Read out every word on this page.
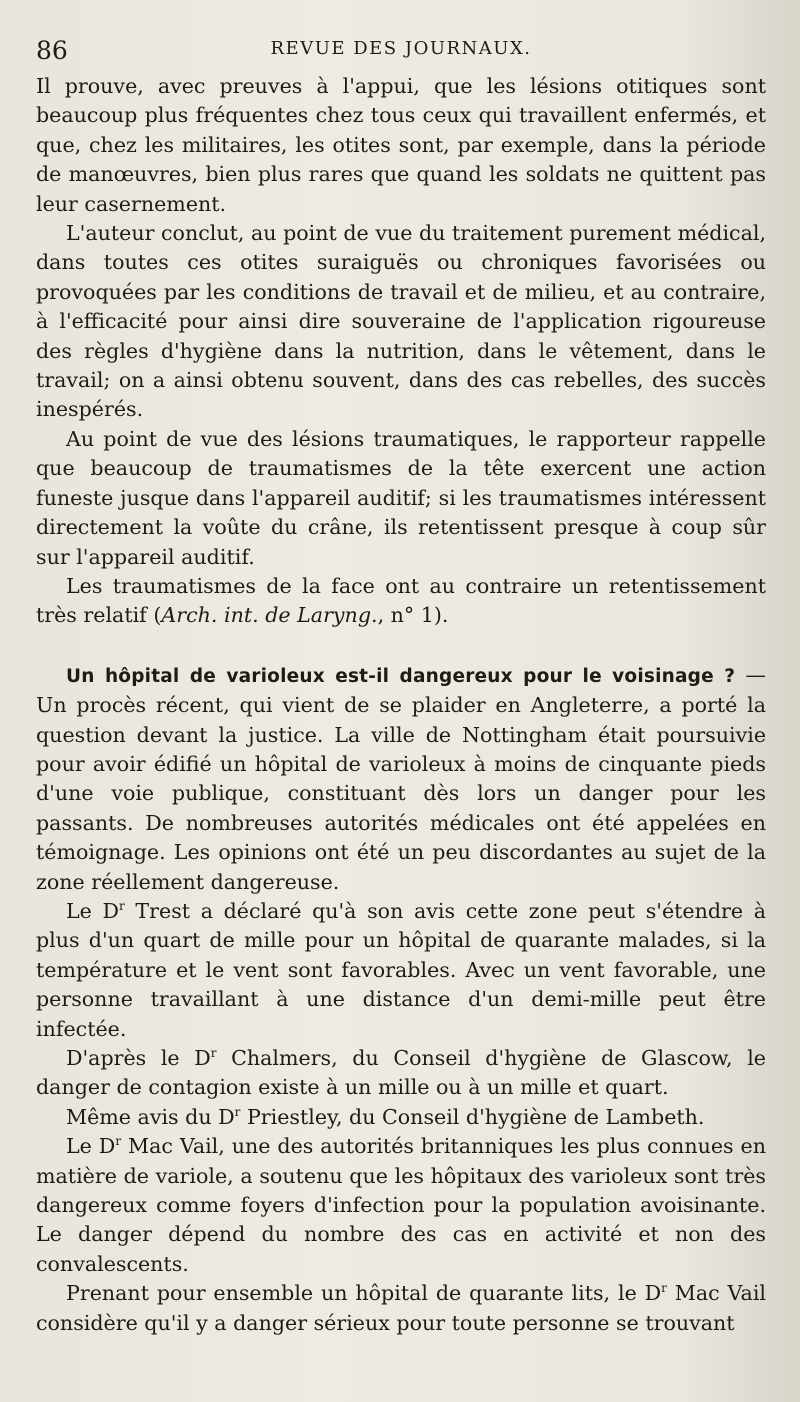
86	REVUE DES JOURNAUX.

Il prouve, avec preuves à l'appui, que les lésions otitiques sont beaucoup plus fréquentes chez tous ceux qui travaillent enfermés, et que, chez les militaires, les otites sont, par exemple, dans la période de manœuvres, bien plus rares que quand les soldats ne quittent pas leur casernement.

L'auteur conclut, au point de vue du traitement purement médical, dans toutes ces otites suraiguës ou chroniques favorisées ou provoquées par les conditions de travail et de milieu, et au contraire, à l'efficacité pour ainsi dire souveraine de l'application rigoureuse des règles d'hygiène dans la nutrition, dans le vêtement, dans le travail; on a ainsi obtenu souvent, dans des cas rebelles, des succès inespérés.

Au point de vue des lésions traumatiques, le rapporteur rappelle que beaucoup de traumatismes de la tête exercent une action funeste jusque dans l'appareil auditif; si les traumatismes intéressent directement la voûte du crâne, ils retentissent presque à coup sûr sur l'appareil auditif.

Les traumatismes de la face ont au contraire un retentissement très relatif (Arch. int. de Laryng., n° 1).

Un hôpital de varioleux est-il dangereux pour le voisinage ? — Un procès récent, qui vient de se plaider en Angleterre, a porté la question devant la justice. La ville de Nottingham était poursuivie pour avoir édifié un hôpital de varioleux à moins de cinquante pieds d'une voie publique, constituant dès lors un danger pour les passants. De nombreuses autorités médicales ont été appelées en témoignage. Les opinions ont été un peu discordantes au sujet de la zone réellement dangereuse.

Le $D^r$ Trest a déclaré qu'à son avis cette zone peut s'étendre à plus d'un quart de mille pour un hôpital de quarante malades, si la température et le vent sont favorables. Avec un vent favorable, une personne travaillant à une distance d'un demi-mille peut être infectée.

D'après le $D^r$ Chalmers, du Conseil d'hygiène de Glascow, le danger de contagion existe à un mille ou à un mille et quart.

Même avis du $D^r$ Priestley, du Conseil d'hygiène de Lambeth.

Le $D^r$ Mac Vail, une des autorités britanniques les plus connues en matière de variole, a soutenu que les hôpitaux des varioleux sont très dangereux comme foyers d'infection pour la population avoisinante. Le danger dépend du nombre des cas en activité et non des convalescents.

Prenant pour ensemble un hôpital de quarante lits, le $D^r$ Mac Vail considère qu'il y a danger sérieux pour toute personne se trouvant
